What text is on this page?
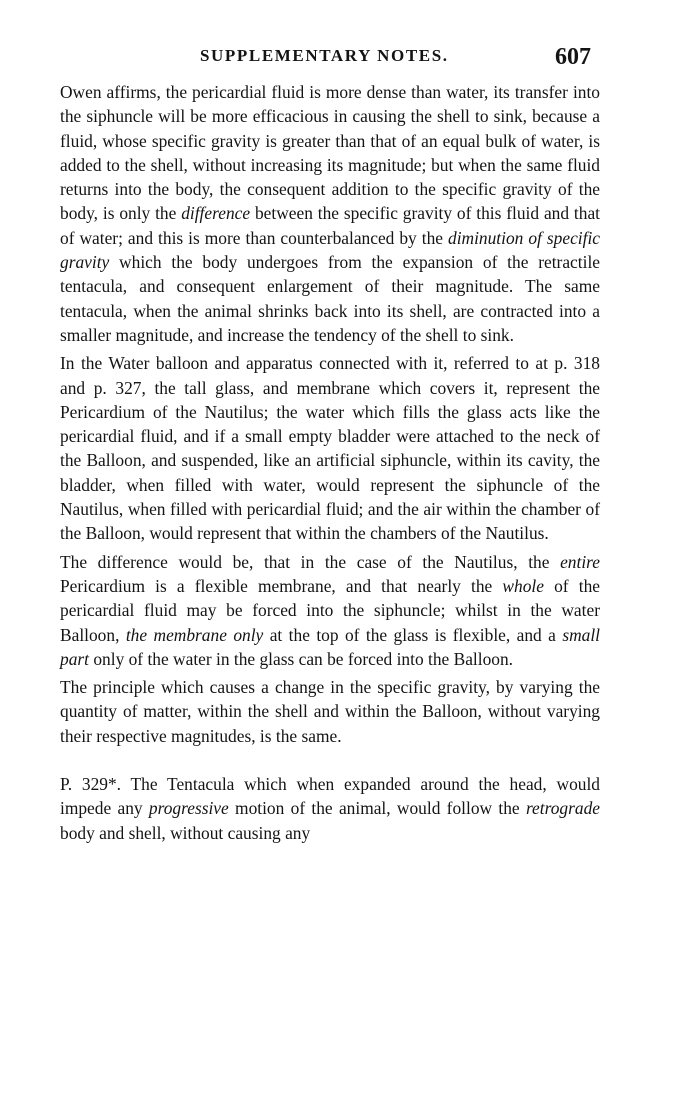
SUPPLEMENTARY NOTES.	607

Owen affirms, the pericardial fluid is more dense than water, its transfer into the siphuncle will be more efficacious in causing the shell to sink, because a fluid, whose specific gravity is greater than that of an equal bulk of water, is added to the shell, without increasing its magnitude; but when the same fluid returns into the body, the consequent addition to the specific gravity of the body, is only the difference between the specific gravity of this fluid and that of water; and this is more than counterbalanced by the diminution of specific gravity which the body undergoes from the expansion of the retractile tentacula, and consequent enlargement of their magnitude. The same tentacula, when the animal shrinks back into its shell, are contracted into a smaller magnitude, and increase the tendency of the shell to sink.

In the Water balloon and apparatus connected with it, referred to at p. 318 and p. 327, the tall glass, and membrane which covers it, represent the Pericardium of the Nautilus; the water which fills the glass acts like the pericardial fluid, and if a small empty bladder were attached to the neck of the Balloon, and suspended, like an artificial siphuncle, within its cavity, the bladder, when filled with water, would represent the siphuncle of the Nautilus, when filled with pericardial fluid; and the air within the chamber of the Balloon, would represent that within the chambers of the Nautilus.

The difference would be, that in the case of the Nautilus, the entire Pericardium is a flexible membrane, and that nearly the whole of the pericardial fluid may be forced into the siphuncle; whilst in the water Balloon, the membrane only at the top of the glass is flexible, and a small part only of the water in the glass can be forced into the Balloon.

The principle which causes a change in the specific gravity, by varying the quantity of matter, within the shell and within the Balloon, without varying their respective magnitudes, is the same.

P. 329*. The Tentacula which when expanded around the head, would impede any progressive motion of the animal, would follow the retrograde body and shell, without causing any
